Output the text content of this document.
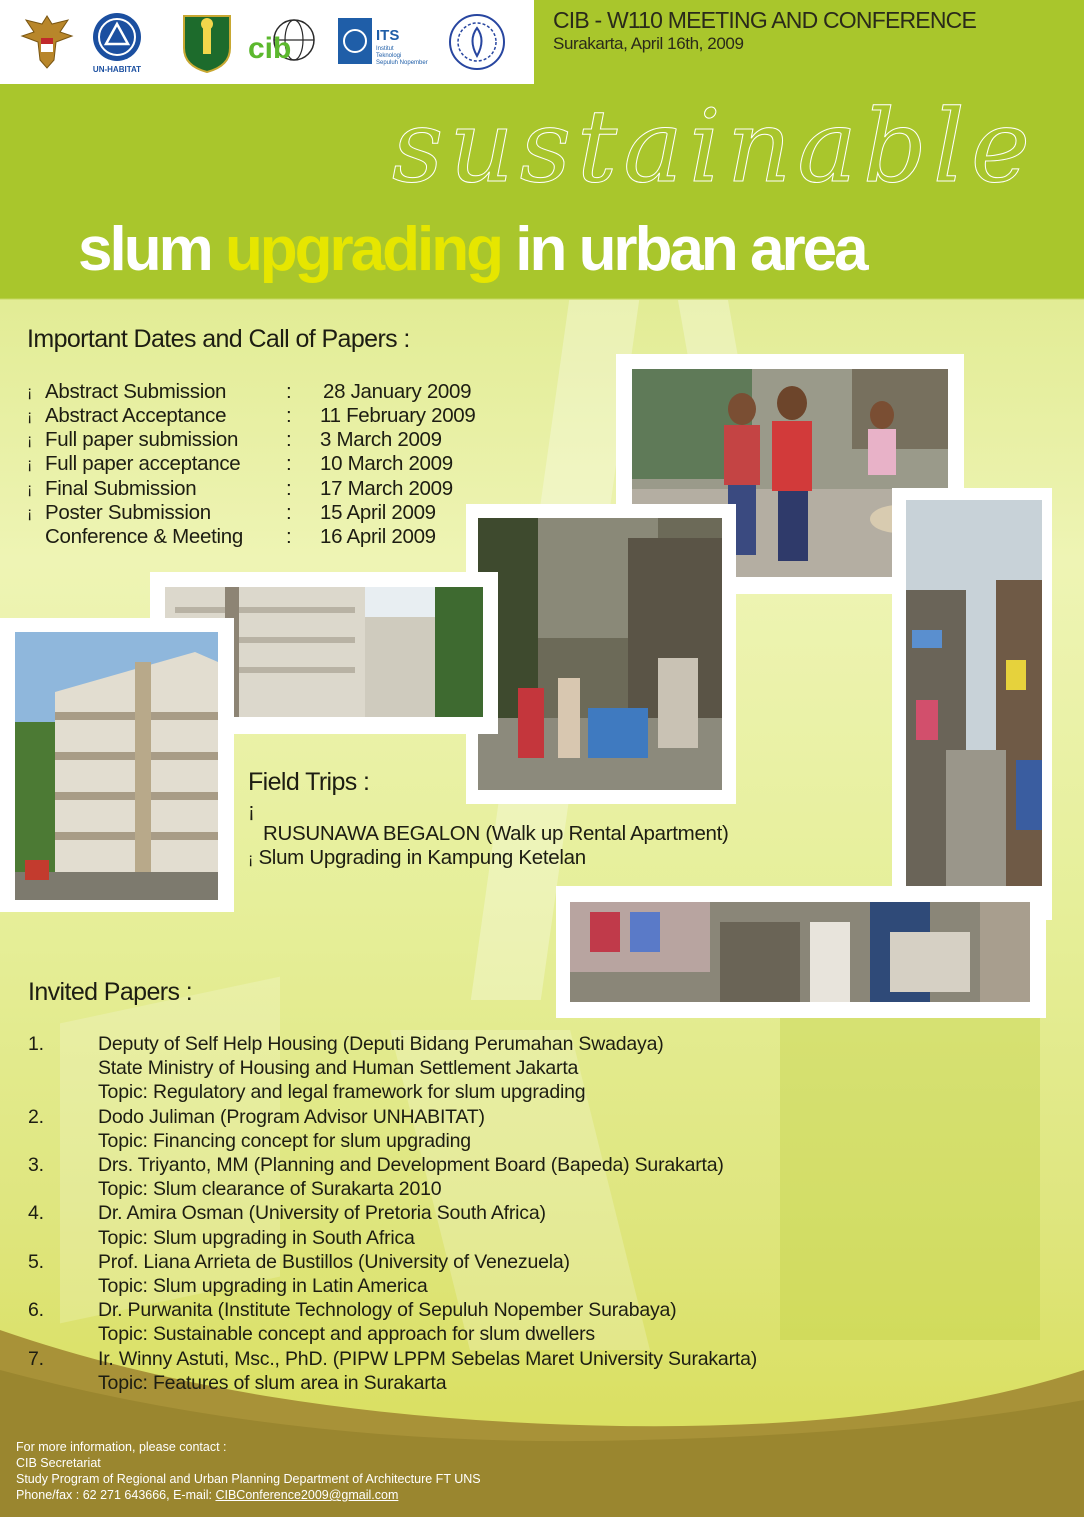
UN-HABITAT
cib	ITS
Institut
Teknologi
Sepuluh Nopember
CIB - W110 MEETING AND CONFERENCE
Surakarta, April 16th, 2009
sustainable
slum upgrading in urban area
Important Dates and Call of Papers :
¡ Abstract Submission	: 28 January 2009
¡ Abstract Acceptance	: 11 February 2009
¡ Full paper submission : 3 March 2009
¡ Full paper acceptance : 10 March 2009
¡ Final Submission	: 17 March 2009
¡ Poster Submission	: 15 April 2009
Conference & Meeting : 16 April 2009
Field Trips :
¡
RUSUNAWA BEGALON (Walk up Rental Apartment)
¡ Slum Upgrading in Kampung Ketelan
Invited Papers :
1.	Deputy of Self Help Housing (Deputi Bidang Perumahan Swadaya)
State Ministry of Housing and Human Settlement Jakarta
Topic: Regulatory and legal framework for slum upgrading
2.	Dodo Juliman (Program Advisor UNHABITAT)
Topic: Financing concept for slum upgrading
3.	Drs. Triyanto, MM (Planning and Development Board (Bapeda) Surakarta)
Topic: Slum clearance of Surakarta 2010
4.	Dr. Amira Osman (University of Pretoria South Africa)
Topic: Slum upgrading in South Africa
5.	Prof. Liana Arrieta de Bustillos (University of Venezuela)
Topic: Slum upgrading in Latin America
6.	Dr. Purwanita (Institute Technology of Sepuluh Nopember Surabaya)
Topic: Sustainable concept and approach for slum dwellers
7.	Ir. Winny Astuti, Msc., PhD. (PIPW LPPM Sebelas Maret University Surakarta)
Topic: Features of slum area in Surakarta
For more information, please contact :
CIB Secretariat
Study Program of Regional and Urban Planning Department of Architecture FT UNS
Phone/fax : 62 271 643666, E-mail: CIBConference2009@gmail.com
